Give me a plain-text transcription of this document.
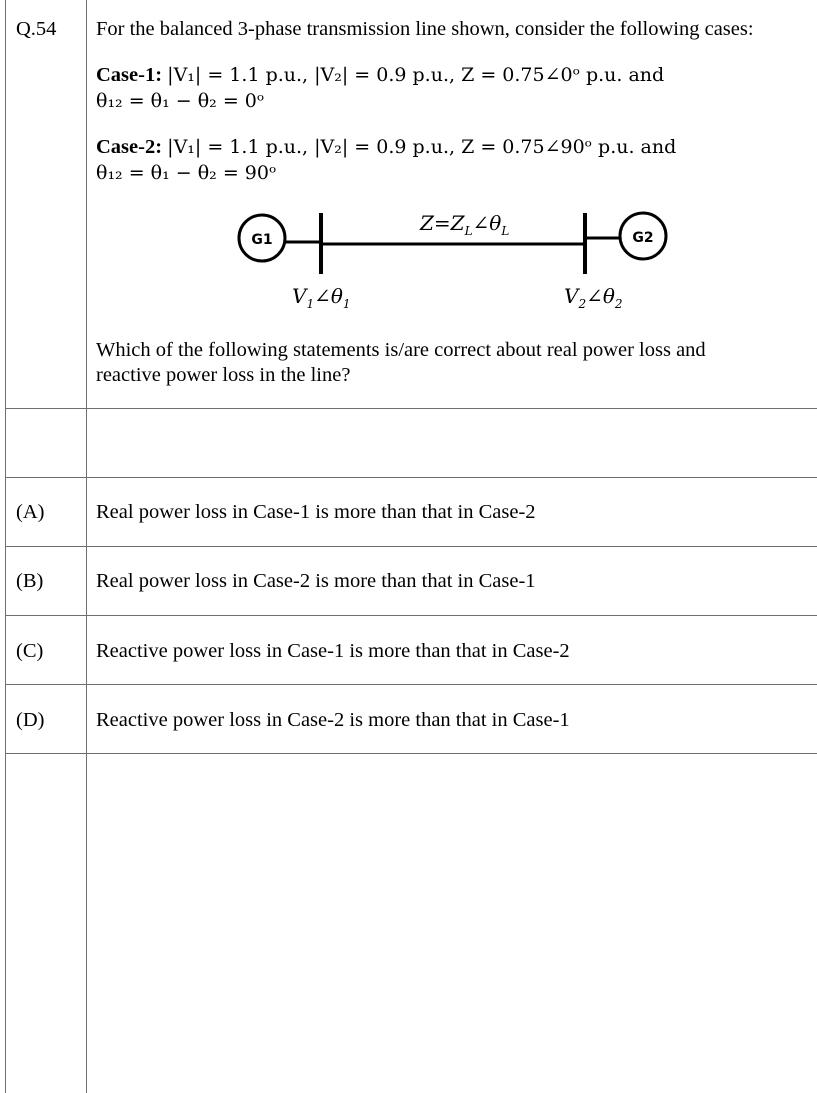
Q.54 For the balanced 3-phase transmission line shown, consider the following cases:
Case-1: |V₁| = 1.1 p.u., |V₂| = 0.9 p.u., Z = 0.75∠0ᵒ p.u. and
θ₁₂ = θ₁ − θ₂ = 0ᵒ
Case-2: |V₁| = 1.1 p.u., |V₂| = 0.9 p.u., Z = 0.75∠90ᵒ p.u. and
θ₁₂ = θ₁ − θ₂ = 90ᵒ
G1	G2
$Z=Z_L\angle\theta_L$
$V_1\angle\theta_1$	$V_2\angle\theta_2$
Which of the following statements is/are correct about real power loss and
reactive power loss in the line?
(A)	Real power loss in Case-1 is more than that in Case-2
(B)	Real power loss in Case-2 is more than that in Case-1
(C)	Reactive power loss in Case-1 is more than that in Case-2
(D)	Reactive power loss in Case-2 is more than that in Case-1
